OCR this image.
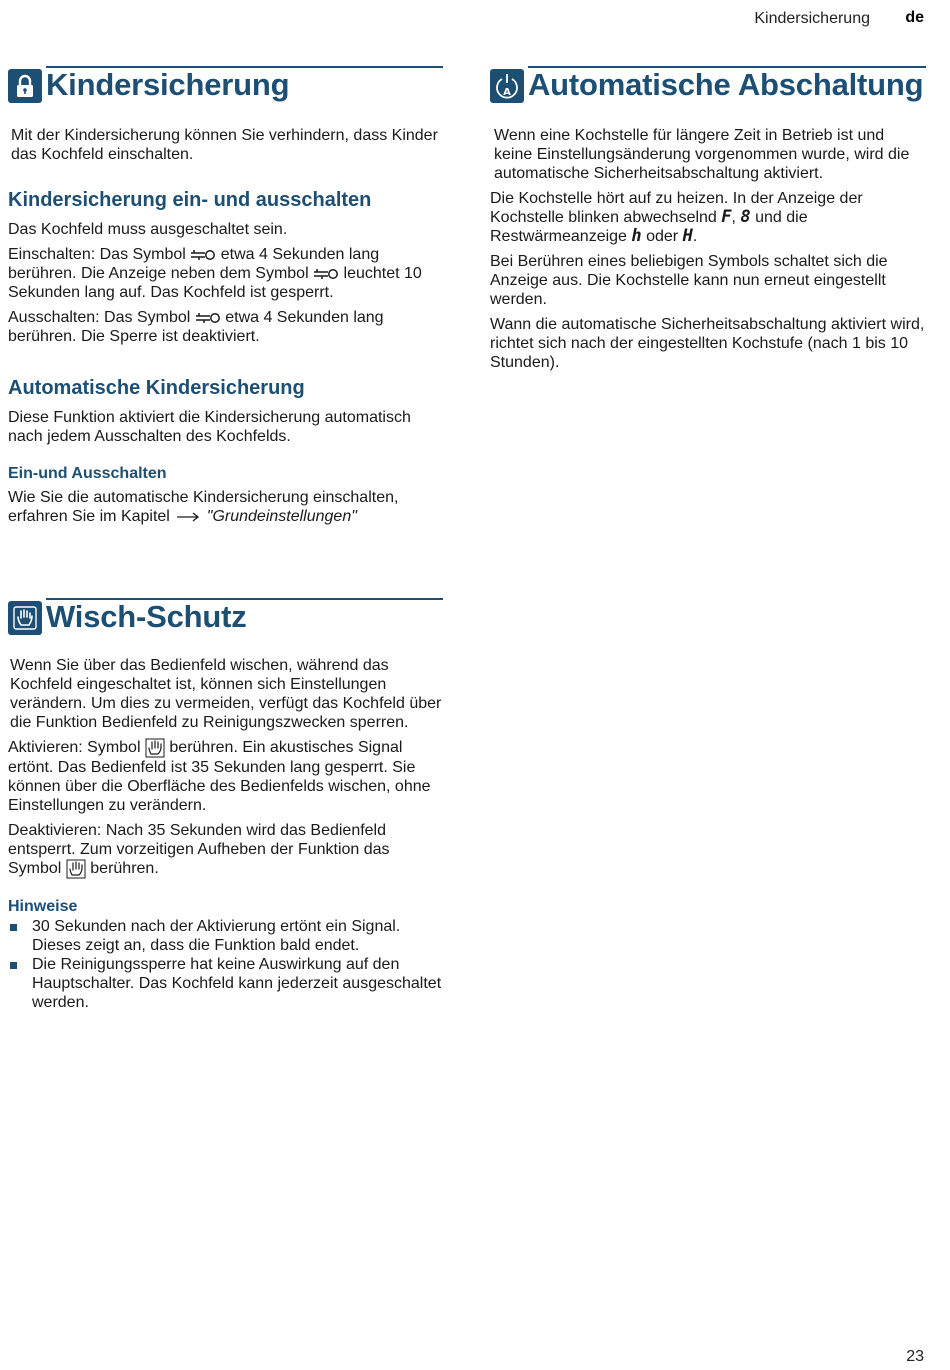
Kindersicherung de
Kindersicherung

Mit der Kindersicherung können Sie verhindern, dass Kinder das Kochfeld einschalten.

Kindersicherung ein- und ausschalten

Das Kochfeld muss ausgeschaltet sein.

Einschalten: Das Symbol etwa 4 Sekunden lang berühren. Die Anzeige neben dem Symbol leuchtet 10 Sekunden lang auf. Das Kochfeld ist gesperrt.

Ausschalten: Das Symbol etwa 4 Sekunden lang berühren. Die Sperre ist deaktiviert.

Automatische Kindersicherung

Diese Funktion aktiviert die Kindersicherung automatisch nach jedem Ausschalten des Kochfelds.

Ein-und Ausschalten

Wie Sie die automatische Kindersicherung einschalten, erfahren Sie im Kapitel "Grundeinstellungen"

Wisch-Schutz

Wenn Sie über das Bedienfeld wischen, während das Kochfeld eingeschaltet ist, können sich Einstellungen verändern. Um dies zu vermeiden, verfügt das Kochfeld über die Funktion Bedienfeld zu Reinigungszwecken sperren.

Aktivieren: Symbol berühren. Ein akustisches Signal ertönt. Das Bedienfeld ist 35 Sekunden lang gesperrt. Sie können über die Oberfläche des Bedienfelds wischen, ohne Einstellungen zu verändern.

Deaktivieren: Nach 35 Sekunden wird das Bedienfeld entsperrt. Zum vorzeitigen Aufheben der Funktion das Symbol berühren.

Hinweise
30 Sekunden nach der Aktivierung ertönt ein Signal. Dieses zeigt an, dass die Funktion bald endet.
Die Reinigungssperre hat keine Auswirkung auf den Hauptschalter. Das Kochfeld kann jederzeit ausgeschaltet werden.
A Automatische Abschaltung

Wenn eine Kochstelle für längere Zeit in Betrieb ist und keine Einstellungsänderung vorgenommen wurde, wird die automatische Sicherheitsabschaltung aktiviert.

Die Kochstelle hört auf zu heizen. In der Anzeige der Kochstelle blinken abwechselnd F, 8 und die Restwärmeanzeige h oder H.

Bei Berühren eines beliebigen Symbols schaltet sich die Anzeige aus. Die Kochstelle kann nun erneut eingestellt werden.

Wann die automatische Sicherheitsabschaltung aktiviert wird, richtet sich nach der eingestellten Kochstufe (nach 1 bis 10 Stunden).

23
